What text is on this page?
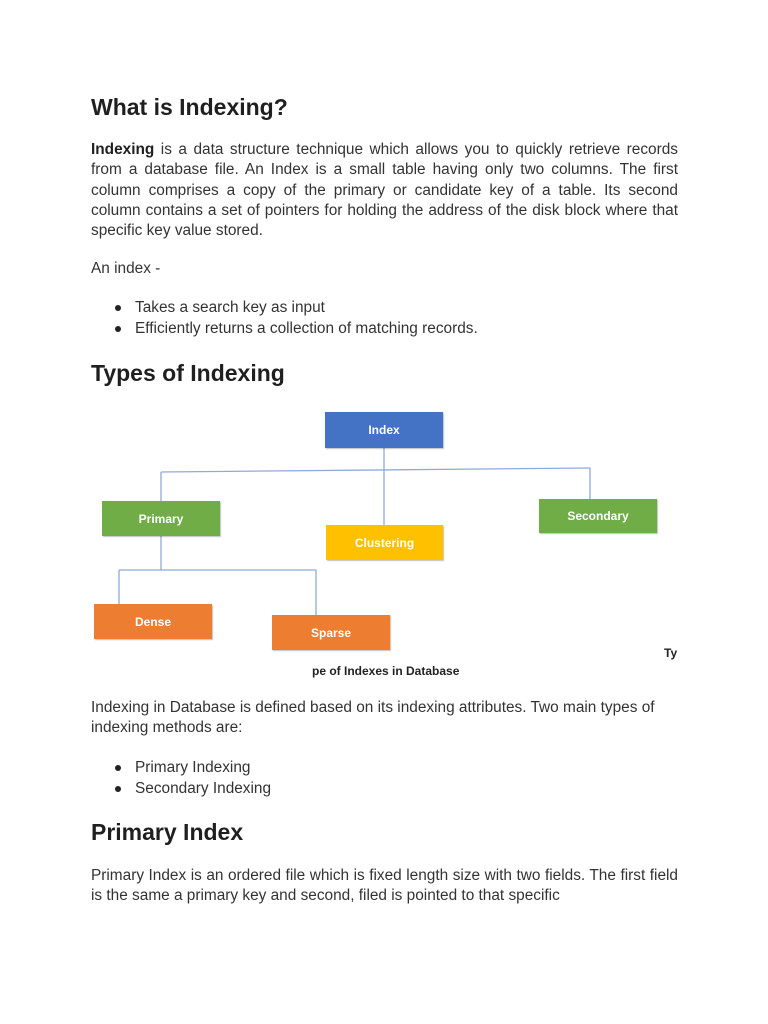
What is Indexing?

Indexing is a data structure technique which allows you to quickly retrieve records from a database file. An Index is a small table having only two columns. The first column comprises a copy of the primary or candidate key of a table. Its second column contains a set of pointers for holding the address of the disk block where that specific key value stored.

An index -

Takes a search key as input
Efficiently returns a collection of matching records.
Types of Indexing

Indexing in Database is defined based on its indexing attributes. Two main types of indexing methods are:

Primary Indexing
Secondary Indexing
Primary Index

Primary Index is an ordered file which is fixed length size with two fields. The first field is the same a primary key and second, filed is pointed to that specific

Index
Primary
Clustering
Secondary
Dense
Sparse
Ty
pe of Indexes in Database
